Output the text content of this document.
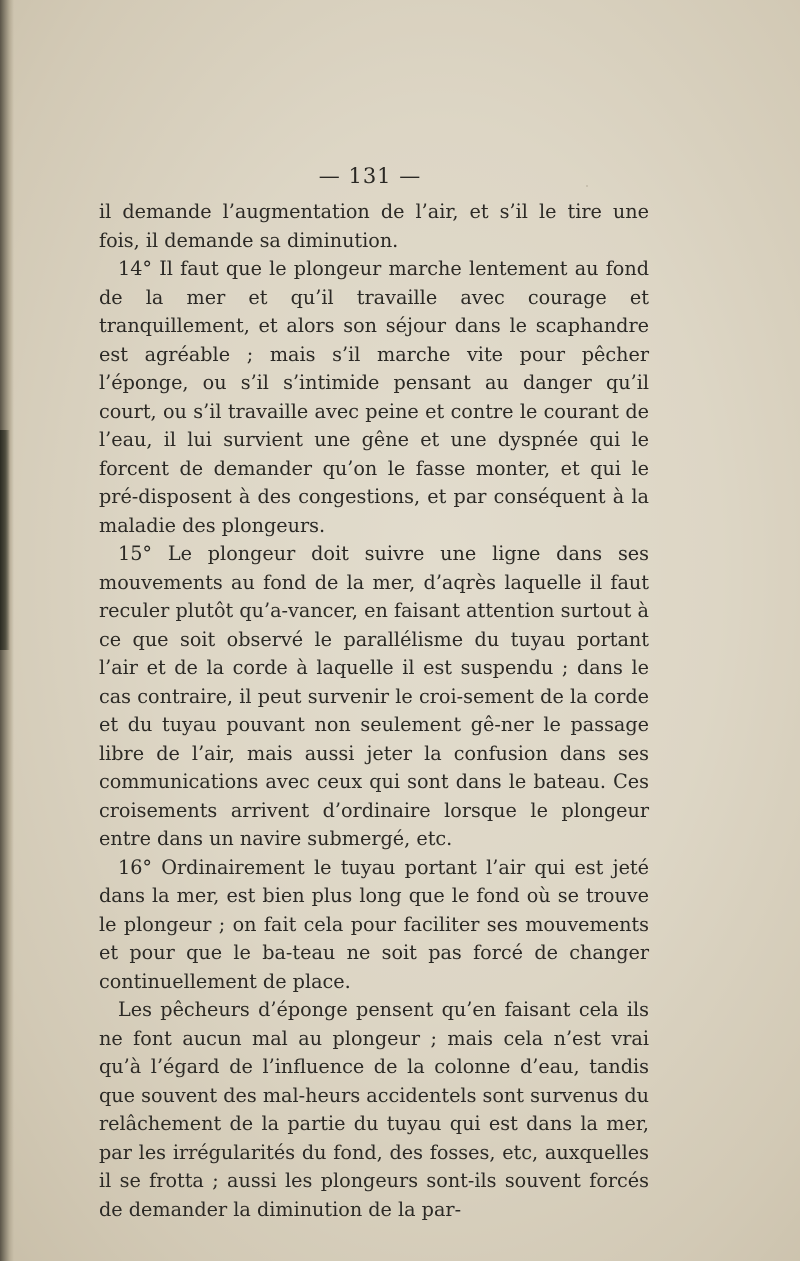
— 131 —

il demande l’augmentation de l’air, et s’il le tire une fois, il demande sa diminution.

14° Il faut que le plongeur marche lentement au fond de la mer et qu’il travaille avec courage et tranquillement, et alors son séjour dans le scaphandre est agréable ; mais s’il marche vite pour pêcher l’éponge, ou s’il s’intimide pensant au danger qu’il court, ou s’il travaille avec peine et contre le courant de l’eau, il lui survient une gêne et une dyspnée qui le forcent de demander qu’on le fasse monter, et qui le pré-disposent à des congestions, et par conséquent à la maladie des plongeurs.

15° Le plongeur doit suivre une ligne dans ses mouvements au fond de la mer, d’aqrès laquelle il faut reculer plutôt qu’a-vancer, en faisant attention surtout à ce que soit observé le parallélisme du tuyau portant l’air et de la corde à laquelle il est suspendu ; dans le cas contraire, il peut survenir le croi-sement de la corde et du tuyau pouvant non seulement gê-ner le passage libre de l’air, mais aussi jeter la confusion dans ses communications avec ceux qui sont dans le bateau. Ces croisements arrivent d’ordinaire lorsque le plongeur entre dans un navire submergé, etc.

16° Ordinairement le tuyau portant l’air qui est jeté dans la mer, est bien plus long que le fond où se trouve le plongeur ; on fait cela pour faciliter ses mouvements et pour que le ba-teau ne soit pas forcé de changer continuellement de place.

Les pêcheurs d’éponge pensent qu’en faisant cela ils ne font aucun mal au plongeur ; mais cela n’est vrai qu’à l’égard de l’influence de la colonne d’eau, tandis que souvent des mal-heurs accidentels sont survenus du relâchement de la partie du tuyau qui est dans la mer, par les irrégularités du fond, des fosses, etc, auxquelles il se frotta ; aussi les plongeurs sont-ils souvent forcés de demander la diminution de la par-
